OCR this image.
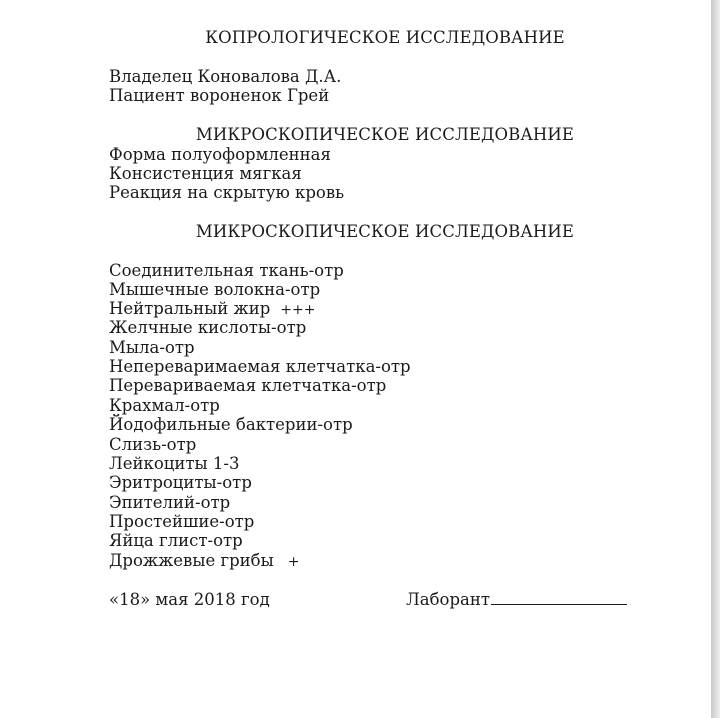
КОПРОЛОГИЧЕСКОЕ ИССЛЕДОВАНИЕ
Владелец Коновалова Д.А.
Пациент вороненок Грей
МИКРОСКОПИЧЕСКОЕ ИССЛЕДОВАНИЕ
Форма полуоформленная
Консистенция мягкая
Реакция на скрытую кровь
МИКРОСКОПИЧЕСКОЕ ИССЛЕДОВАНИЕ
Соединительная ткань-отр
Мышечные волокна-отр
Нейтральный жир +++
Желчные кислоты-отр
Мыла-отр
Непереваримаемая клетчатка-отр
Перевариваемая клетчатка-отр
Крахмал-отр
Йодофильные бактерии-отр
Слизь-отр
Лейкоциты 1-3
Эритроциты-отр
Эпителий-отр
Простейшие-отр
Яйца глист-отр
Дрожжевые грибы +
«18» мая 2018 год	Лаборант
